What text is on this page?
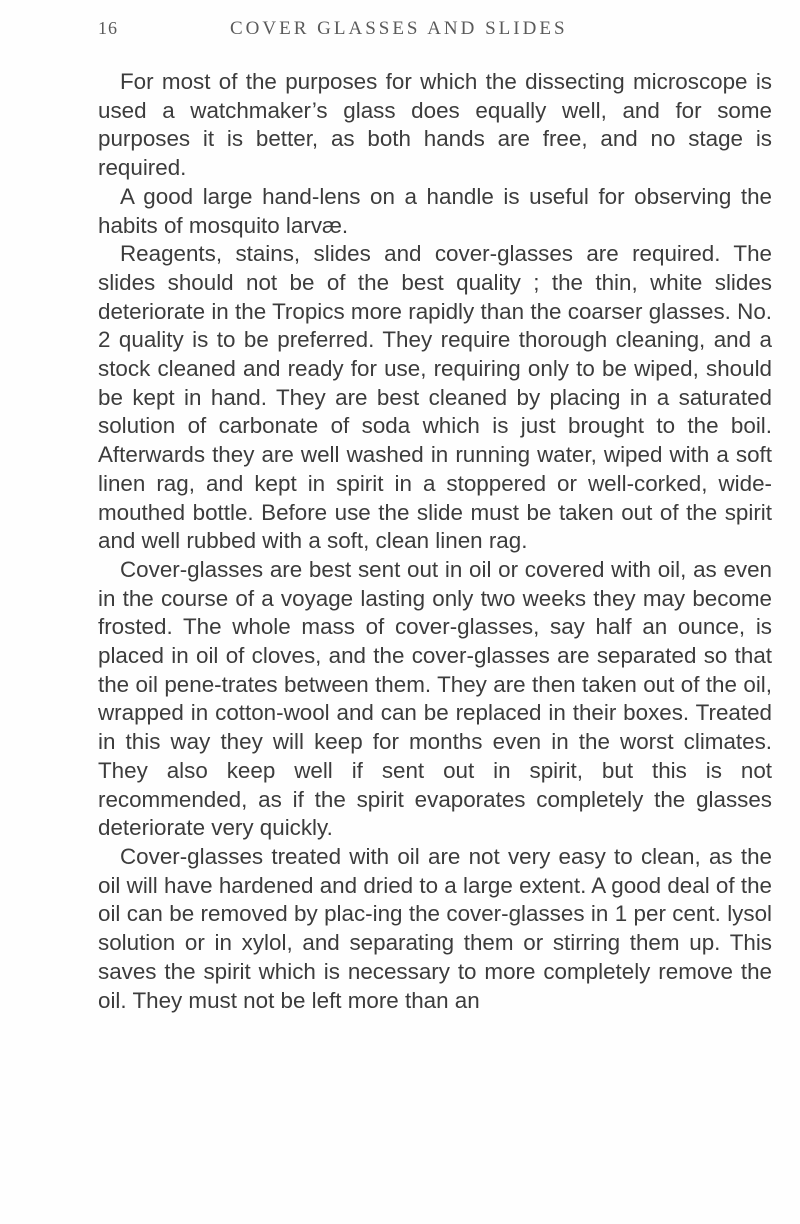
16	COVER GLASSES AND SLIDES

For most of the purposes for which the dissecting microscope is used a watchmaker’s glass does equally well, and for some purposes it is better, as both hands are free, and no stage is required.

A good large hand-lens on a handle is useful for observing the habits of mosquito larvæ.

Reagents, stains, slides and cover-glasses are required. The slides should not be of the best quality ; the thin, white slides deteriorate in the Tropics more rapidly than the coarser glasses. No. 2 quality is to be preferred. They require thorough cleaning, and a stock cleaned and ready for use, requiring only to be wiped, should be kept in hand. They are best cleaned by placing in a saturated solution of carbonate of soda which is just brought to the boil. Afterwards they are well washed in running water, wiped with a soft linen rag, and kept in spirit in a stoppered or well-corked, wide-mouthed bottle. Before use the slide must be taken out of the spirit and well rubbed with a soft, clean linen rag.

Cover-glasses are best sent out in oil or covered with oil, as even in the course of a voyage lasting only two weeks they may become frosted. The whole mass of cover-glasses, say half an ounce, is placed in oil of cloves, and the cover-glasses are separated so that the oil pene-trates between them. They are then taken out of the oil, wrapped in cotton-wool and can be replaced in their boxes. Treated in this way they will keep for months even in the worst climates. They also keep well if sent out in spirit, but this is not recommended, as if the spirit evaporates completely the glasses deteriorate very quickly.

Cover-glasses treated with oil are not very easy to clean, as the oil will have hardened and dried to a large extent. A good deal of the oil can be removed by plac-ing the cover-glasses in 1 per cent. lysol solution or in xylol, and separating them or stirring them up. This saves the spirit which is necessary to more completely remove the oil. They must not be left more than an
